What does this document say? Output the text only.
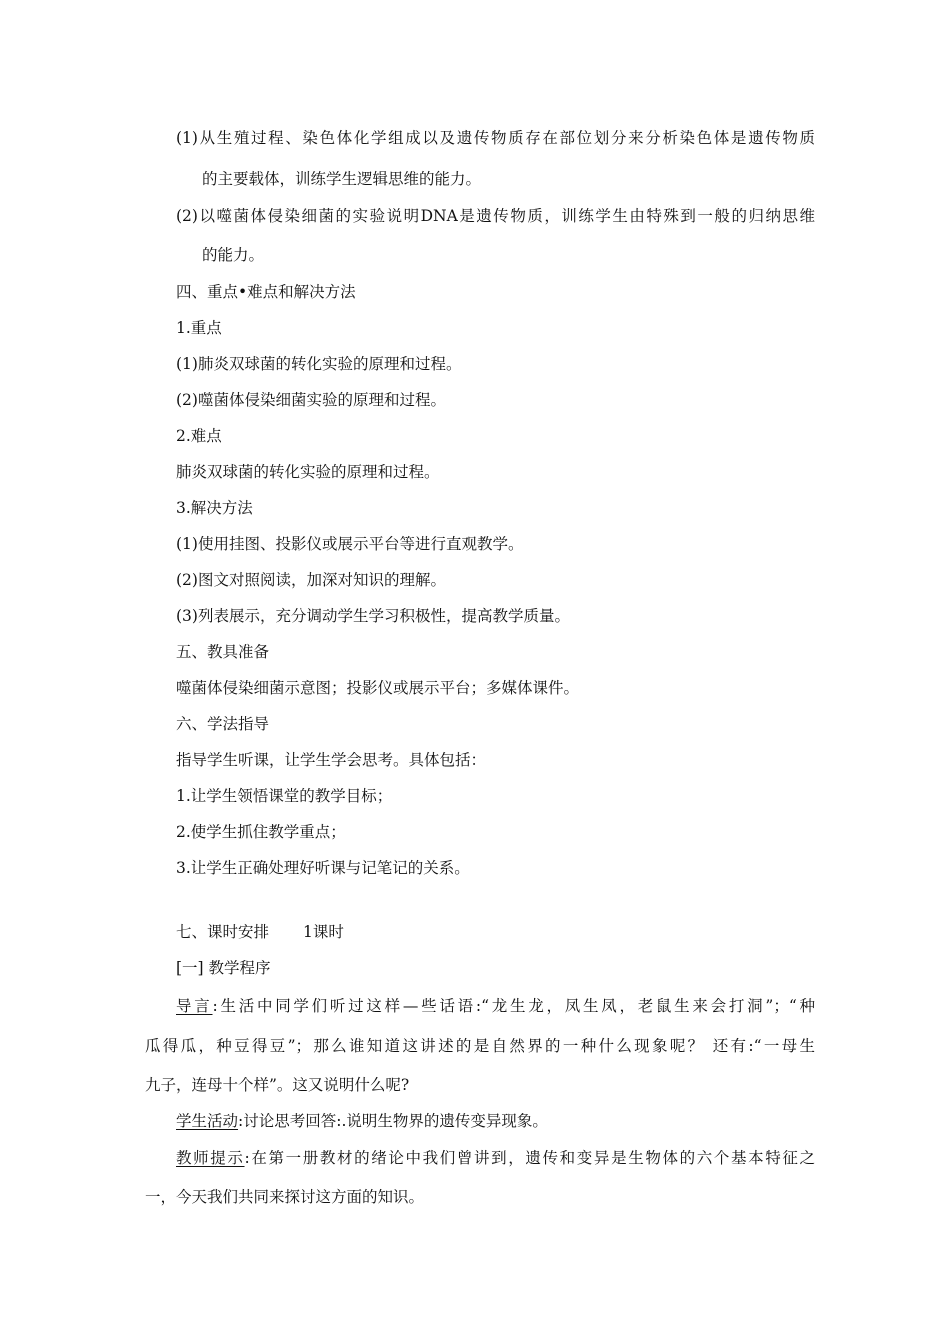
(1)从生殖过程、染色体化学组成以及遗传物质存在部位划分来分析染色体是遗传物质
的主要载体，训练学生逻辑思维的能力。
(2)以噬菌体侵染细菌的实验说明DNA是遗传物质，训练学生由特殊到一般的归纳思维
的能力。
四、重点•难点和解决方法
1.重点
(1)肺炎双球菌的转化实验的原理和过程。
(2)噬菌体侵染细菌实验的原理和过程。
2.难点
肺炎双球菌的转化实验的原理和过程。
3.解决方法
(1)使用挂图、投影仪或展示平台等进行直观教学。
(2)图文对照阅读，加深对知识的理解。
(3)列表展示，充分调动学生学习积极性，提高教学质量。
五、教具准备
噬菌体侵染细菌示意图；投影仪或展示平台；多媒体课件。
六、学法指导
指导学生听课，让学生学会思考。具体包括：
1.让学生领悟课堂的教学目标；
2.使学生抓住教学重点；
3.让学生正确处理好听课与记笔记的关系。
七、课时安排 1课时
[一] 教学程序
导言:生活中同学们听过这样—些话语:“龙生龙，凤生凤，老鼠生来会打洞”；“种
瓜得瓜，种豆得豆”；那么谁知道这讲述的是自然界的一种什么现象呢？ 还有:“一母生
九子，连母十个样”。这又说明什么呢?
学生活动:讨论思考回答:.说明生物界的遗传变异现象。
教师提示:在第一册教材的绪论中我们曾讲到，遗传和变异是生物体的六个基本特征之
一，今天我们共同来探讨这方面的知识。
